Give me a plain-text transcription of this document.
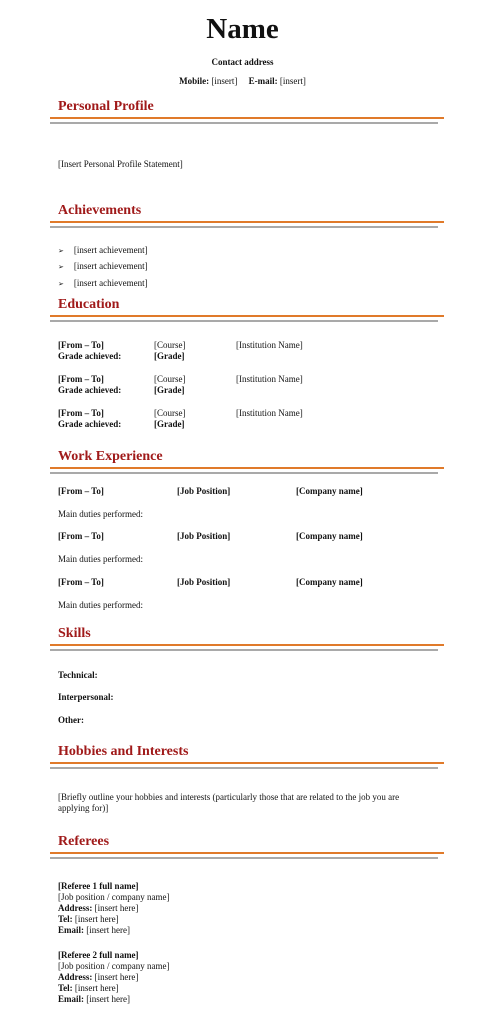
Name
Contact address
Mobile: [insert] E-mail: [insert]
Personal Profile
[Insert Personal Profile Statement]
Achievements
➢ [insert achievement]
➢ [insert achievement]
➢ [insert achievement]
Education
[From – To]	[Course]	[Institution Name]
Grade achieved:	[Grade]
[From – To]	[Course]	[Institution Name]
Grade achieved:	[Grade]
[From – To]	[Course]	[Institution Name]
Grade achieved:	[Grade]
Work Experience
[From – To]	[Job Position]	[Company name]
Main duties performed:
[From – To]	[Job Position]	[Company name]
Main duties performed:
[From – To]	[Job Position]	[Company name]
Main duties performed:
Skills
Technical:
Interpersonal:
Other:
Hobbies and Interests
[Briefly outline your hobbies and interests (particularly those that are related to the job you are applying for)]
Referees
[Referee 1 full name]
[Job position / company name]
Address: [insert here]
Tel: [insert here]
Email: [insert here]
[Referee 2 full name]
[Job position / company name]
Address: [insert here]
Tel: [insert here]
Email: [insert here]
